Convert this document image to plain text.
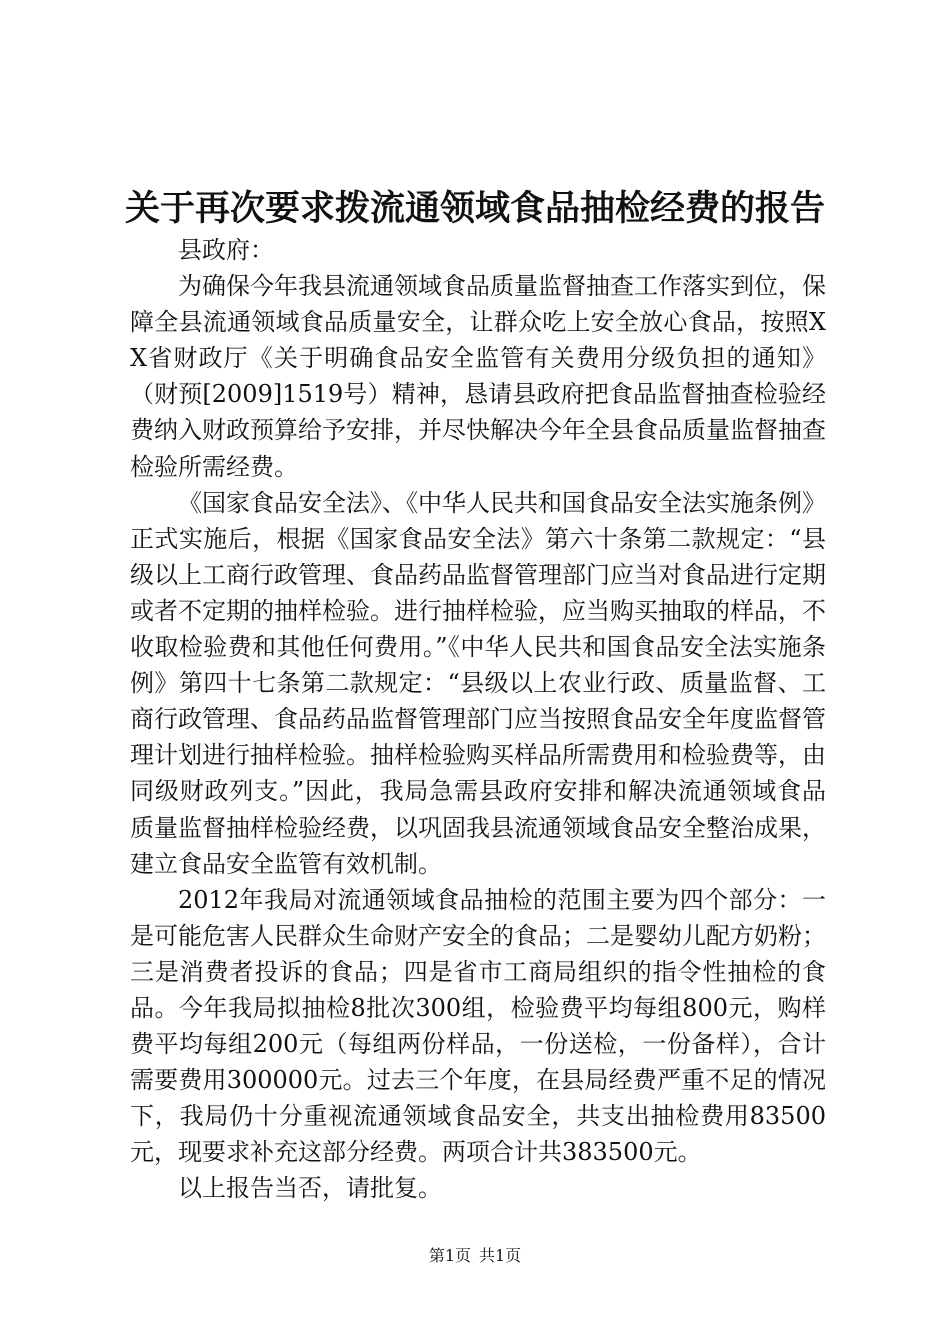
关于再次要求拨流通领域食品抽检经费的报告

县政府：

为确保今年我县流通领域食品质量监督抽查工作落实到位，保障全县流通领域食品质量安全，让群众吃上安全放心食品，按照XX省财政厅《关于明确食品安全监管有关费用分级负担的通知》（财预[2009]1519号）精神，恳请县政府把食品监督抽查检验经费纳入财政预算给予安排，并尽快解决今年全县食品质量监督抽查检验所需经费。

《国家食品安全法》、《中华人民共和国食品安全法实施条例》正式实施后，根据《国家食品安全法》第六十条第二款规定：“县级以上工商行政管理、食品药品监督管理部门应当对食品进行定期或者不定期的抽样检验。进行抽样检验，应当购买抽取的样品，不收取检验费和其他任何费用。”《中华人民共和国食品安全法实施条例》第四十七条第二款规定：“县级以上农业行政、质量监督、工商行政管理、食品药品监督管理部门应当按照食品安全年度监督管理计划进行抽样检验。抽样检验购买样品所需费用和检验费等，由同级财政列支。”因此，我局急需县政府安排和解决流通领域食品质量监督抽样检验经费，以巩固我县流通领域食品安全整治成果，建立食品安全监管有效机制。

2012年我局对流通领域食品抽检的范围主要为四个部分：一是可能危害人民群众生命财产安全的食品；二是婴幼儿配方奶粉；三是消费者投诉的食品；四是省市工商局组织的指令性抽检的食品。今年我局拟抽检8批次300组，检验费平均每组800元，购样费平均每组200元（每组两份样品，一份送检，一份备样），合计需要费用300000元。过去三个年度，在县局经费严重不足的情况下，我局仍十分重视流通领域食品安全，共支出抽检费用83500元，现要求补充这部分经费。两项合计共383500元。

以上报告当否，请批复。

第1页 共1页
